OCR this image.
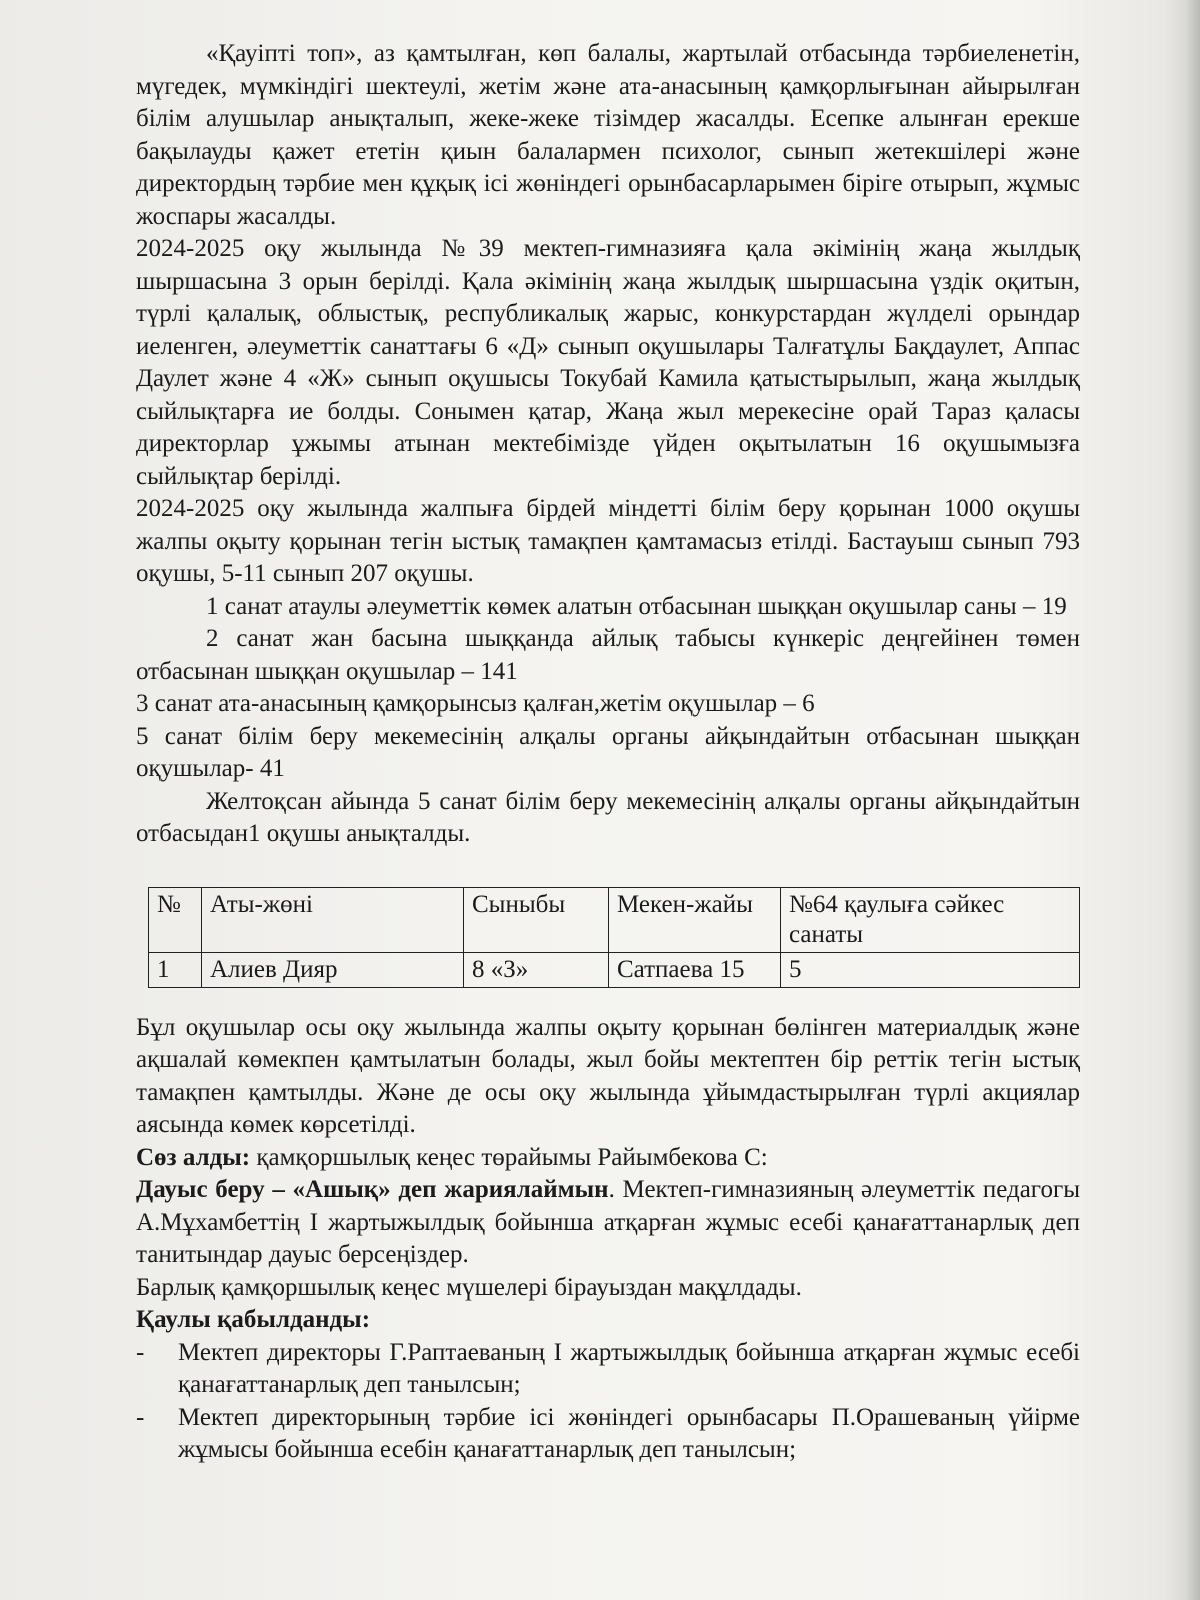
«Қауіпті топ», аз қамтылған, көп балалы, жартылай отбасында тәрбиеленетін, мүгедек, мүмкіндігі шектеулі, жетім және ата-анасының қамқорлығынан айырылған білім алушылар анықталып, жеке-жеке тізімдер жасалды. Есепке алынған ерекше бақылауды қажет ететін қиын балалармен психолог, сынып жетекшілері және директордың тәрбие мен құқық ісі жөніндегі орынбасарларымен біріге отырып, жұмыс жоспары жасалды.

2024-2025 оқу жылында №39 мектеп-гимназияға қала әкімінің жаңа жылдық шыршасына 3 орын берілді. Қала әкімінің жаңа жылдық шыршасына үздік оқитын, түрлі қалалық, облыстық, республикалық жарыс, конкурстардан жүлделі орындар иеленген, әлеуметтік санаттағы 6 «Д» сынып оқушылары Талғатұлы Бақдаулет, Аппас Даулет және 4 «Ж» сынып оқушысы Токубай Камила қатыстырылып, жаңа жылдық сыйлықтарға ие болды. Сонымен қатар, Жаңа жыл мерекесіне орай Тараз қаласы директорлар ұжымы атынан мектебімізде үйден оқытылатын 16 оқушымызға сыйлықтар берілді.

2024-2025 оқу жылында жалпыға бірдей міндетті білім беру қорынан 1000 оқушы жалпы оқыту қорынан тегін ыстық тамақпен қамтамасыз етілді. Бастауыш сынып 793 оқушы, 5-11 сынып 207 оқушы.

1 санат атаулы әлеуметтік көмек алатын отбасынан шыққан оқушылар саны – 19

2 санат жан басына шыққанда айлық табысы күнкеріс деңгейінен төмен отбасынан шыққан оқушылар – 141

3 санат ата-анасының қамқорынсыз қалған,жетім оқушылар – 6

5 санат білім беру мекемесінің алқалы органы айқындайтын отбасынан шыққан оқушылар- 41

Желтоқсан айында 5 санат білім беру мекемесінің алқалы органы айқындайтын отбасыдан1 оқушы анықталды.

№	Аты-жөні	Сыныбы	Мекен-жайы	№64 қаулыға сәйкес санаты
1	Алиев Дияр	8 «З»	Сатпаева 15	5

Бұл оқушылар осы оқу жылында жалпы оқыту қорынан бөлінген материалдық және ақшалай көмекпен қамтылатын болады, жыл бойы мектептен бір реттік тегін ыстық тамақпен қамтылды. Және де осы оқу жылында ұйымдастырылған түрлі акциялар аясында көмек көрсетілді.

Сөз алды: қамқоршылық кеңес төрайымы Райымбекова С:

Дауыс беру – «Ашық» деп жариялаймын. Мектеп-гимназияның әлеуметтік педагогы А.Мұхамбеттің І жартыжылдық бойынша атқарған жұмыс есебі қанағаттанарлық деп танитындар дауыс берсеңіздер.

Барлық қамқоршылық кеңес мүшелері бірауыздан мақұлдады.

Қаулы қабылданды:

- Мектеп директоры Г.Раптаеваның І жартыжылдық бойынша атқарған жұмыс есебі қанағаттанарлық деп танылсын;
- Мектеп директорының тәрбие ісі жөніндегі орынбасары П.Орашеваның үйірме жұмысы бойынша есебін қанағаттанарлық деп танылсын;
